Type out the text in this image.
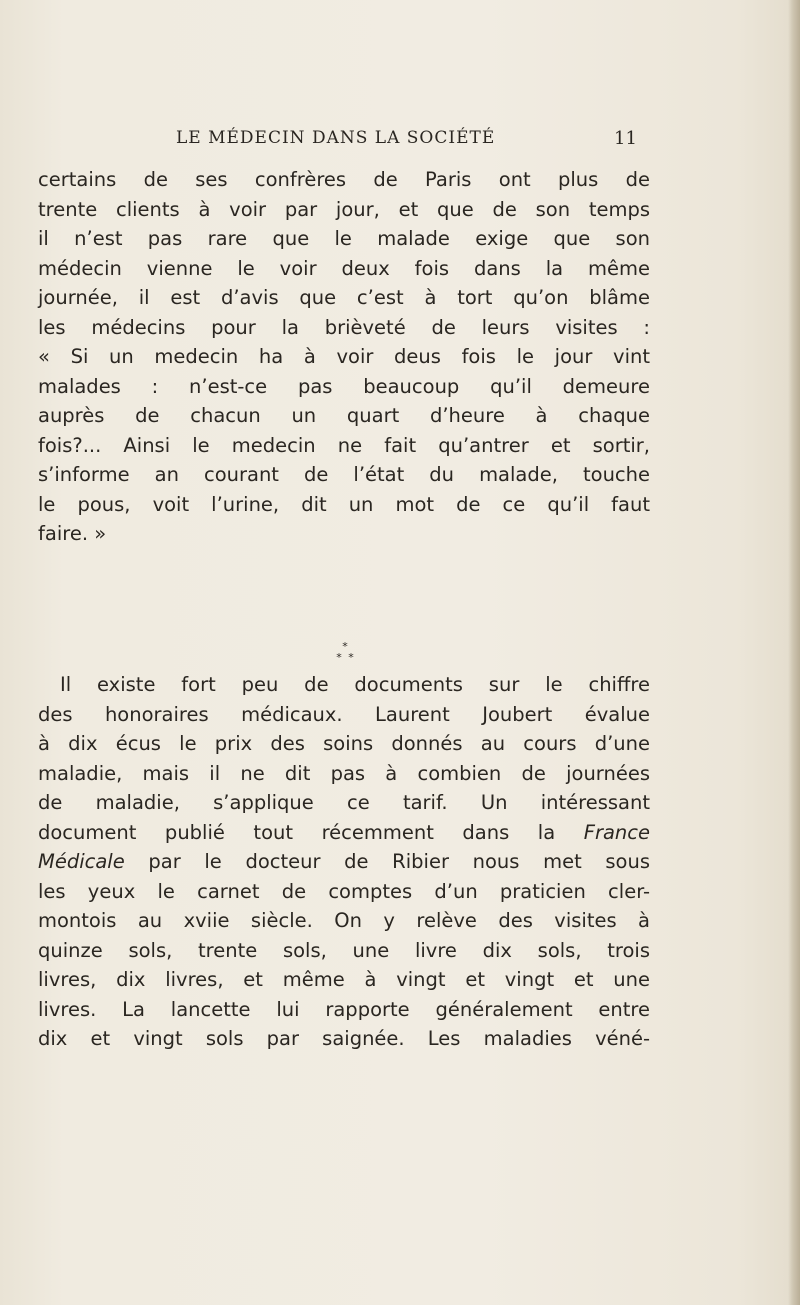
LE MÉDECIN DANS LA SOCIÉTÉ	11
certains de ses confrères de Paris ont plus de
trente clients à voir par jour, et que de son temps
il n’est pas rare que le malade exige que son
médecin vienne le voir deux fois dans la même
journée, il est d’avis que c’est à tort qu’on blâme
les médecins pour la brièveté de leurs visites :
« Si un medecin ha à voir deus fois le jour vint
malades : n’est-ce pas beaucoup qu’il demeure
auprès de chacun un quart d’heure à chaque
fois?... Ainsi le medecin ne fait qu’antrer et sortir,
s’informe an courant de l’état du malade, touche
le pous, voit l’urine, dit un mot de ce qu’il faut
faire. »
*
* *
Il existe fort peu de documents sur le chiffre
des honoraires médicaux. Laurent Joubert évalue
à dix écus le prix des soins donnés au cours d’une
maladie, mais il ne dit pas à combien de journées
de maladie, s’applique ce tarif. Un intéressant
document publié tout récemment dans la France
Médicale par le docteur de Ribier nous met sous
les yeux le carnet de comptes d’un praticien cler-
montois au xviie siècle. On y relève des visites à
quinze sols, trente sols, une livre dix sols, trois
livres, dix livres, et même à vingt et vingt et une
livres. La lancette lui rapporte généralement entre
dix et vingt sols par saignée. Les maladies véné-
